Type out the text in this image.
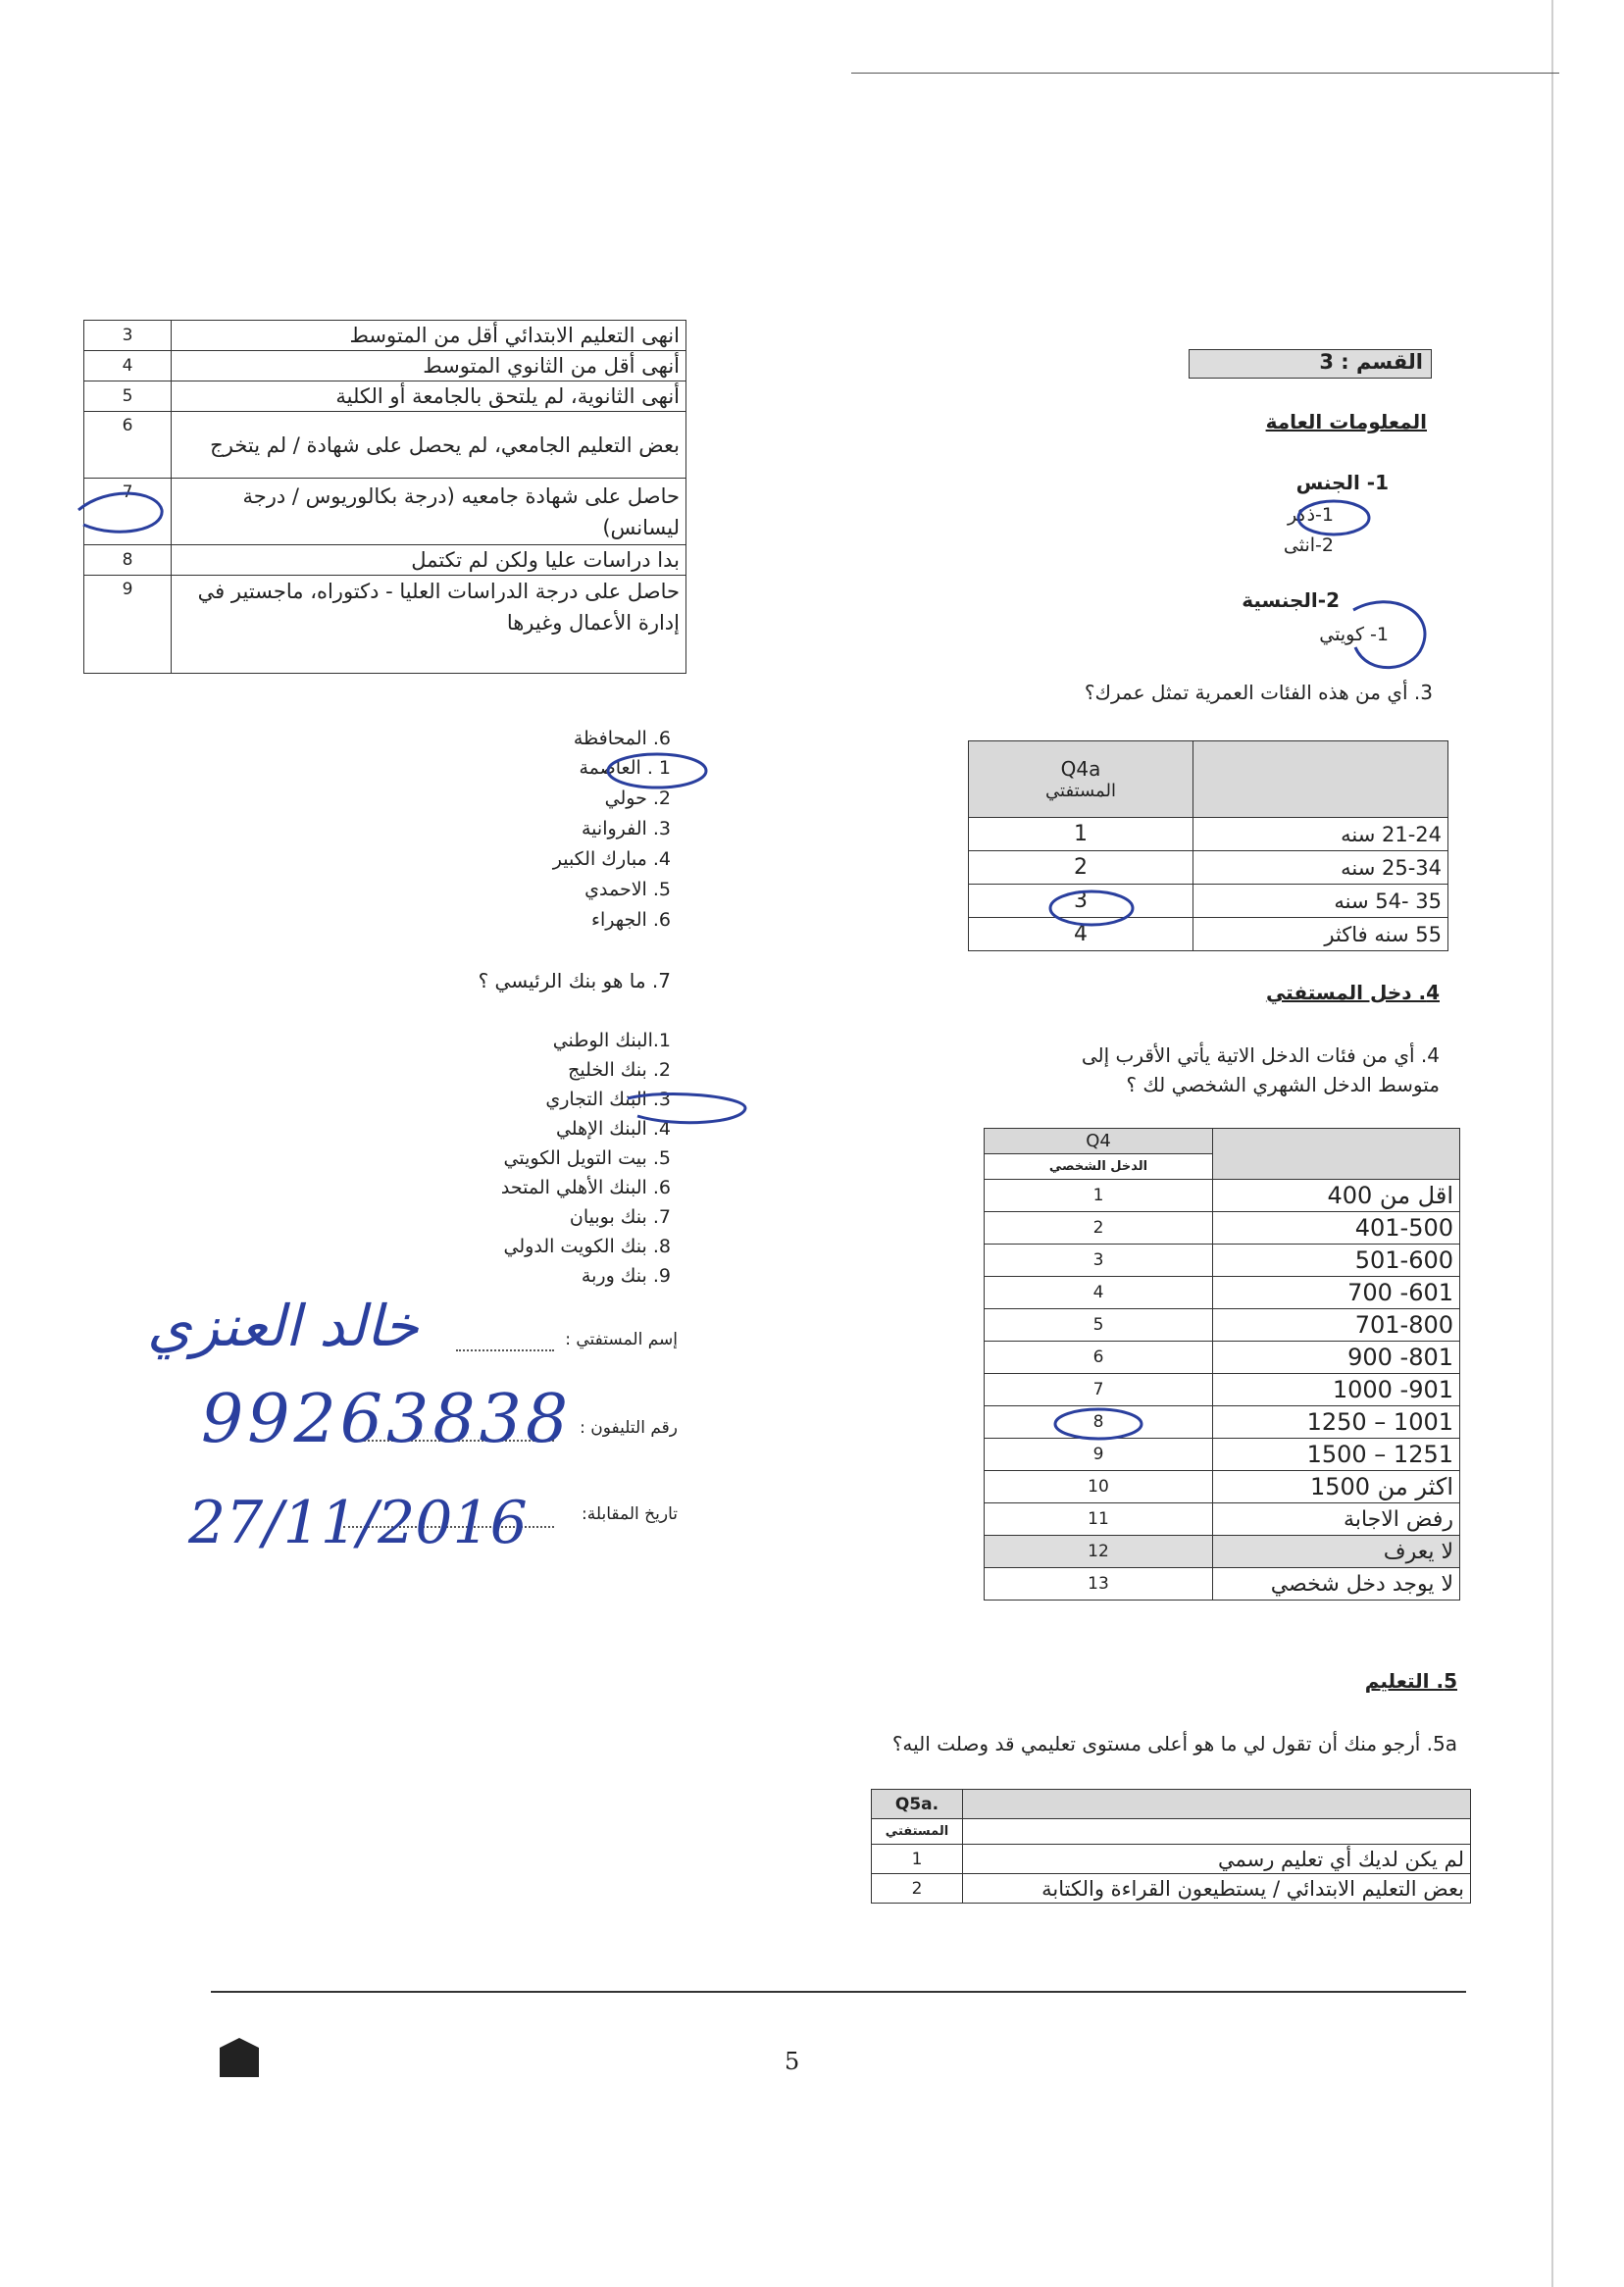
القسم : 3
المعلومات العامة
1- الجنس
1-ذكر
2-انثى
2-الجنسية
1- كويتي
3. أي من هذه الفئات العمرية تمثل عمرك؟
Q4a
المستفتي	

1	21-24 سنه
2	25-34 سنه
3	35 -54 سنه
4	55 سنه فاكثر
4. دخل المستفتي
4. أي من فئات الدخل الاتية يأتي الأقرب إلى
متوسط الدخل الشهري الشخصي لك ؟
Q4	
الدخل الشخصي	
1	اقل من 400
2	401-500
3	501-600
4	601- 700
5	701-800
6	801- 900
7	901- 1000
8	1001 – 1250
9	1251 – 1500
10	اكثر من 1500
11	رفض الاجابة
12	لا يعرف
13	لا يوجد دخل شخصي
5. التعليم
5a. أرجو منك أن تقول لي ما هو أعلى مستوى تعليمي قد وصلت اليه؟
Q5a.	
المستفتي	
1	لم يكن لديك أي تعليم رسمي
2	بعض التعليم الابتدائي / يستطيعون القراءة والكتابة
3	انهى التعليم الابتدائي أقل من المتوسط
4	أنهى أقل من الثانوي المتوسط
5	أنهى الثانوية، لم يلتحق بالجامعة أو الكلية
6	بعض التعليم الجامعي، لم يحصل على شهادة / لم يتخرج
7	حاصل على شهادة جامعيه (درجة بكالوريوس / درجة ليسانس)
8	بدا دراسات عليا ولكن لم تكتمل
9	حاصل على درجة الدراسات العليا - دكتوراه، ماجستير في إدارة الأعمال وغيرها
6. المحافظة
1 . العاصمة
2. حولي
3. الفروانية
4. مبارك الكبير
5. الاحمدي
6. الجهراء
7. ما هو بنك الرئيسي ؟
1.البنك الوطني
2. بنك الخليج
3. البنك التجاري
4. البنك الإهلي
5. بيت التويل الكويتي
6. البنك الأهلي المتحد
7. بنك بوبيان
8. بنك الكويت الدولي
9. بنك وربة
إسم المستفتي :
خالد العنزي
رقم التليفون :
99263838
تاريخ المقابلة:
27/11/2016
5
